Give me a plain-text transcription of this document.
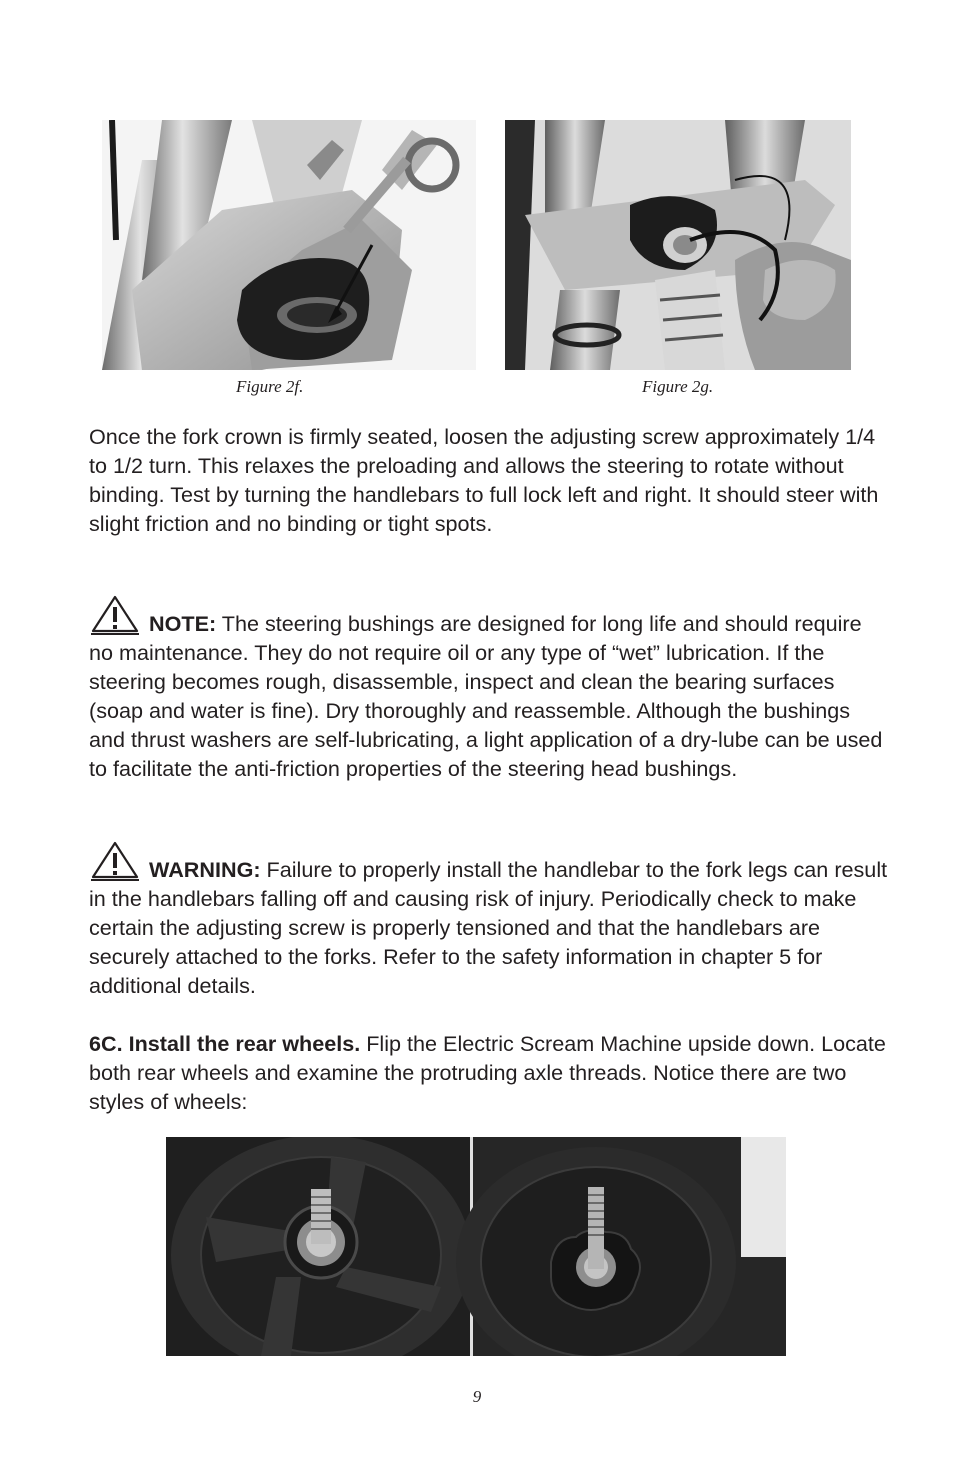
Figure 2f.	Figure 2g.

Once the fork crown is firmly seated, loosen the adjusting screw approximately 1/4 to 1/2 turn. This relaxes the preloading and allows the steering to rotate without binding. Test by turning the handlebars to full lock left and right. It should steer with slight friction and no binding or tight spots.

NOTE: The steering bushings are designed for long life and should require no maintenance. They do not require oil or any type of “wet” lubrication. If the steering becomes rough, disassemble, inspect and clean the bearing surfaces (soap and water is fine). Dry thoroughly and reassemble. Although the bushings and thrust washers are self-lubricating, a light application of a dry-lube can be used to facilitate the anti-friction properties of the steering head bushings.

WARNING: Failure to properly install the handlebar to the fork legs can result in the handlebars falling off and causing risk of injury. Periodically check to make certain the adjusting screw is properly tensioned and that the handlebars are securely attached to the forks. Refer to the safety information in chapter 5 for additional details.

6C. Install the rear wheels. Flip the Electric Scream Machine upside down. Locate both rear wheels and examine the protruding axle threads. Notice there are two styles of wheels:

9
